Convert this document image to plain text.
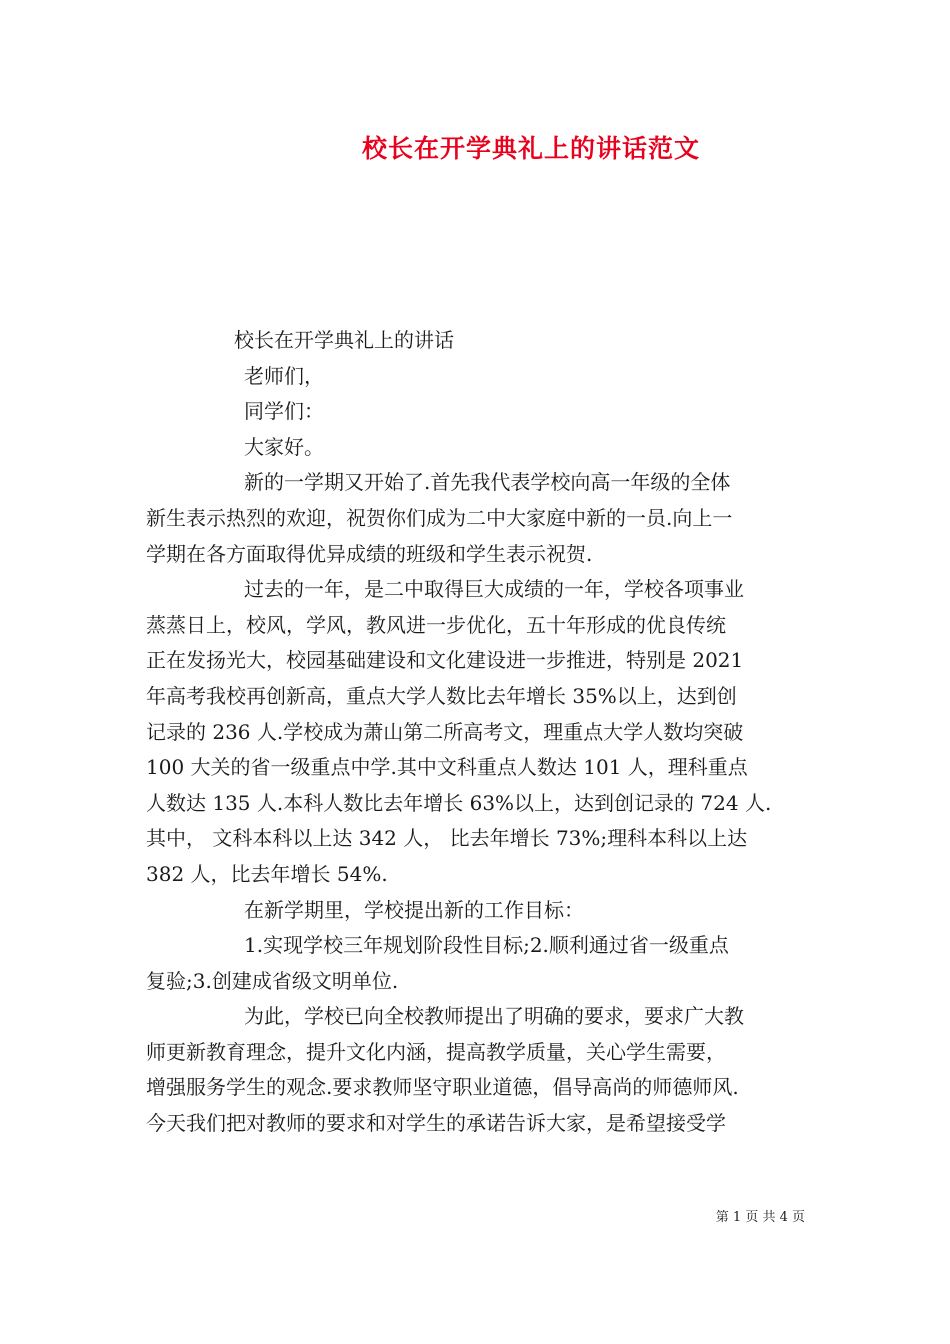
校长在开学典礼上的讲话范文
校长在开学典礼上的讲话
老师们，
同学们：
大家好。
新的一学期又开始了.首先我代表学校向高一年级的全体
新生表示热烈的欢迎，祝贺你们成为二中大家庭中新的一员.向上一
学期在各方面取得优异成绩的班级和学生表示祝贺.
过去的一年，是二中取得巨大成绩的一年，学校各项事业
蒸蒸日上，校风，学风，教风进一步优化，五十年形成的优良传统
正在发扬光大，校园基础建设和文化建设进一步推进，特别是 2021
年高考我校再创新高，重点大学人数比去年增长 35%以上，达到创
记录的 236 人.学校成为萧山第二所高考文，理重点大学人数均突破
100 大关的省一级重点中学.其中文科重点人数达 101 人，理科重点
人数达 135 人.本科人数比去年增长 63%以上，达到创记录的 724 人.
其中， 文科本科以上达 342 人， 比去年增长 73%;理科本科以上达
382 人，比去年增长 54%.
在新学期里，学校提出新的工作目标：
1.实现学校三年规划阶段性目标;2.顺利通过省一级重点
复验;3.创建成省级文明单位.
为此，学校已向全校教师提出了明确的要求，要求广大教
师更新教育理念，提升文化内涵，提高教学质量，关心学生需要，
增强服务学生的观念.要求教师坚守职业道德，倡导高尚的师德师风.
今天我们把对教师的要求和对学生的承诺告诉大家，是希望接受学
第 1 页 共 4 页
